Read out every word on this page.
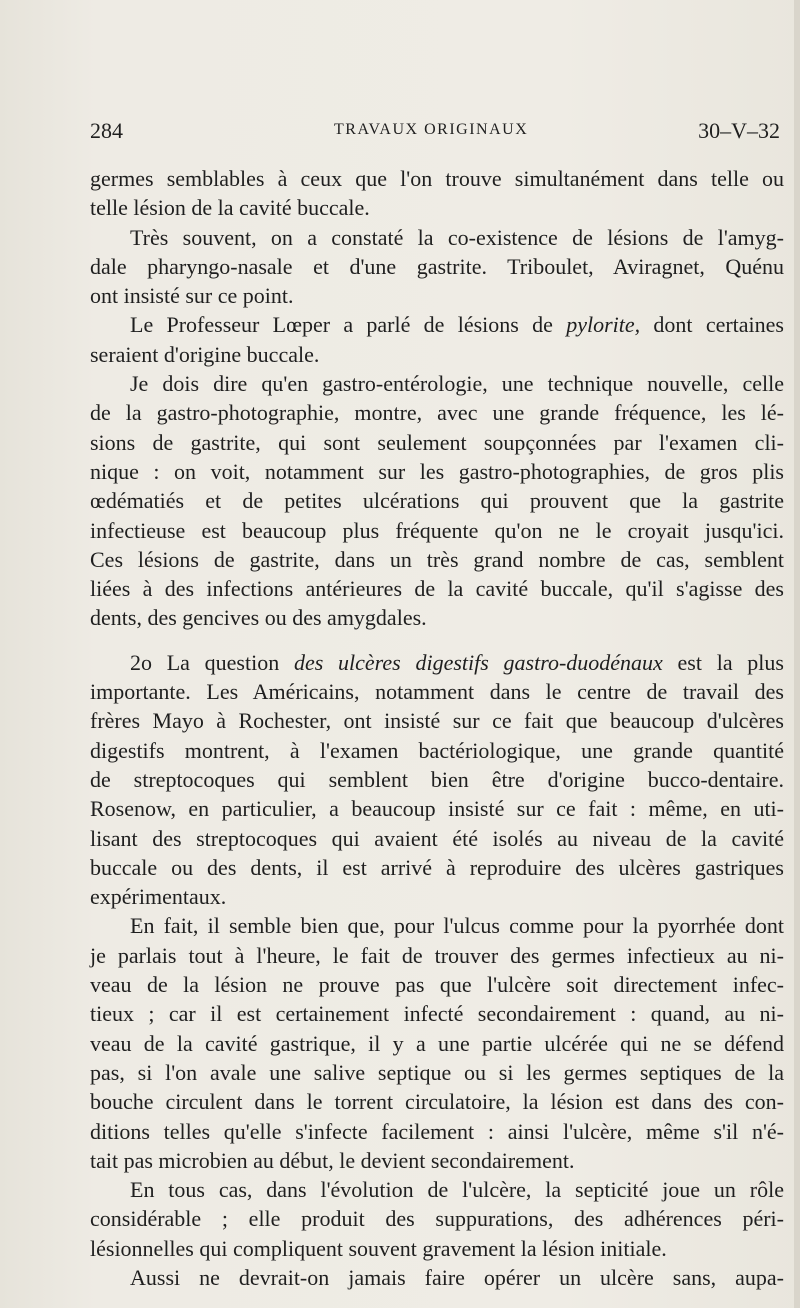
284	TRAVAUX ORIGINAUX	30–V–32
germes semblables à ceux que l'on trouve simultanément dans telle ou
telle lésion de la cavité buccale.
Très souvent, on a constaté la co-existence de lésions de l'amyg-
dale pharyngo-nasale et d'une gastrite. Triboulet, Aviragnet, Quénu
ont insisté sur ce point.
Le Professeur Lœper a parlé de lésions de pylorite, dont certaines
seraient d'origine buccale.
Je dois dire qu'en gastro-entérologie, une technique nouvelle, celle
de la gastro-photographie, montre, avec une grande fréquence, les lé-
sions de gastrite, qui sont seulement soupçonnées par l'examen cli-
nique : on voit, notamment sur les gastro-photographies, de gros plis
œdématiés et de petites ulcérations qui prouvent que la gastrite
infectieuse est beaucoup plus fréquente qu'on ne le croyait jusqu'ici.
Ces lésions de gastrite, dans un très grand nombre de cas, semblent
liées à des infections antérieures de la cavité buccale, qu'il s'agisse des
dents, des gencives ou des amygdales.
2o La question des ulcères digestifs gastro-duodénaux est la plus
importante. Les Américains, notamment dans le centre de travail des
frères Mayo à Rochester, ont insisté sur ce fait que beaucoup d'ulcères
digestifs montrent, à l'examen bactériologique, une grande quantité
de streptocoques qui semblent bien être d'origine bucco-dentaire.
Rosenow, en particulier, a beaucoup insisté sur ce fait : même, en uti-
lisant des streptocoques qui avaient été isolés au niveau de la cavité
buccale ou des dents, il est arrivé à reproduire des ulcères gastriques
expérimentaux.
En fait, il semble bien que, pour l'ulcus comme pour la pyorrhée dont
je parlais tout à l'heure, le fait de trouver des germes infectieux au ni-
veau de la lésion ne prouve pas que l'ulcère soit directement infec-
tieux ; car il est certainement infecté secondairement : quand, au ni-
veau de la cavité gastrique, il y a une partie ulcérée qui ne se défend
pas, si l'on avale une salive septique ou si les germes septiques de la
bouche circulent dans le torrent circulatoire, la lésion est dans des con-
ditions telles qu'elle s'infecte facilement : ainsi l'ulcère, même s'il n'é-
tait pas microbien au début, le devient secondairement.
En tous cas, dans l'évolution de l'ulcère, la septicité joue un rôle
considérable ; elle produit des suppurations, des adhérences péri-
lésionnelles qui compliquent souvent gravement la lésion initiale.
Aussi ne devrait-on jamais faire opérer un ulcère sans, aupa-
